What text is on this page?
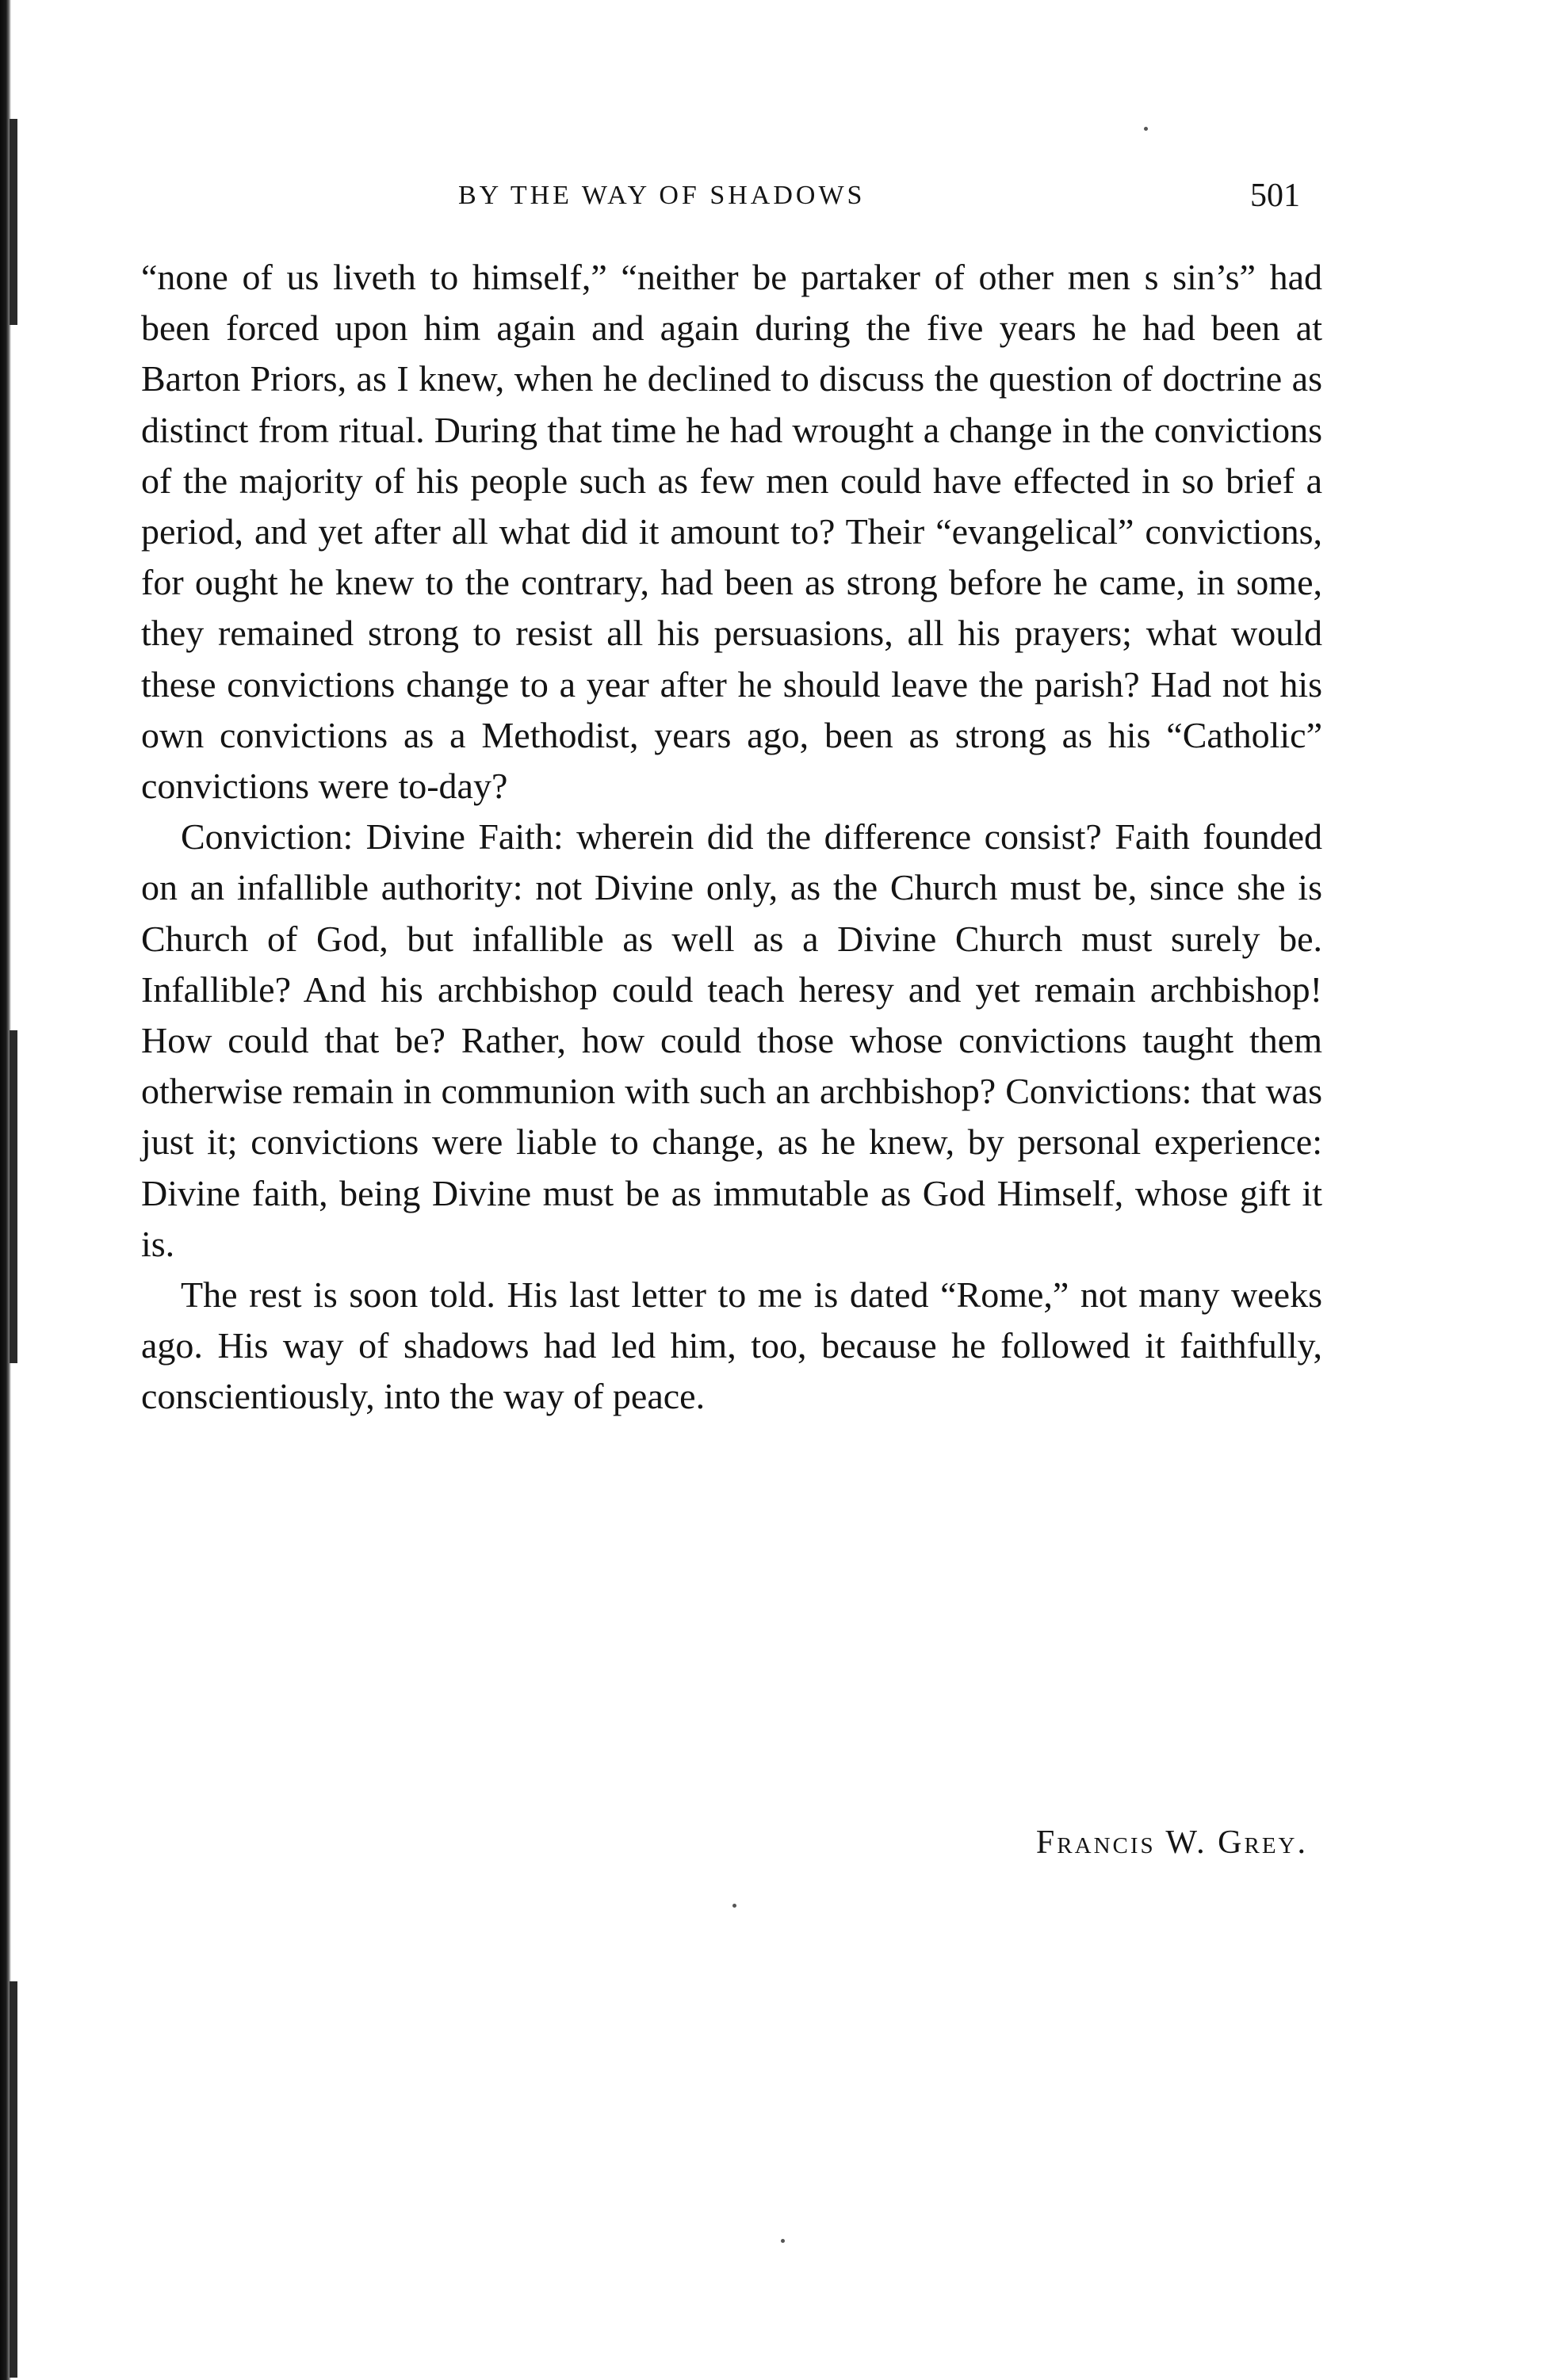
BY THE WAY OF SHADOWS	501

“none of us liveth to himself,” “neither be partaker of other men s sin’s” had been forced upon him again and again during the five years he had been at Barton Priors, as I knew, when he declined to discuss the question of doctrine as distinct from ritual. During that time he had wrought a change in the convictions of the majority of his people such as few men could have effected in so brief a period, and yet after all what did it amount to? Their “evangelical” convictions, for ought he knew to the contrary, had been as strong before he came, in some, they remained strong to resist all his persuasions, all his prayers; what would these convictions change to a year after he should leave the parish? Had not his own convictions as a Methodist, years ago, been as strong as his “Catholic” convictions were to-day?

Conviction: Divine Faith: wherein did the difference consist? Faith founded on an infallible authority: not Divine only, as the Church must be, since she is Church of God, but infallible as well as a Divine Church must surely be. Infallible? And his archbishop could teach heresy and yet remain archbishop! How could that be? Rather, how could those whose convictions taught them otherwise remain in communion with such an archbishop? Convictions: that was just it; convictions were liable to change, as he knew, by personal experience: Divine faith, being Divine must be as immutable as God Himself, whose gift it is.

The rest is soon told. His last letter to me is dated “Rome,” not many weeks ago. His way of shadows had led him, too, because he followed it faithfully, conscientiously, into the way of peace.

Francis W. Grey.
